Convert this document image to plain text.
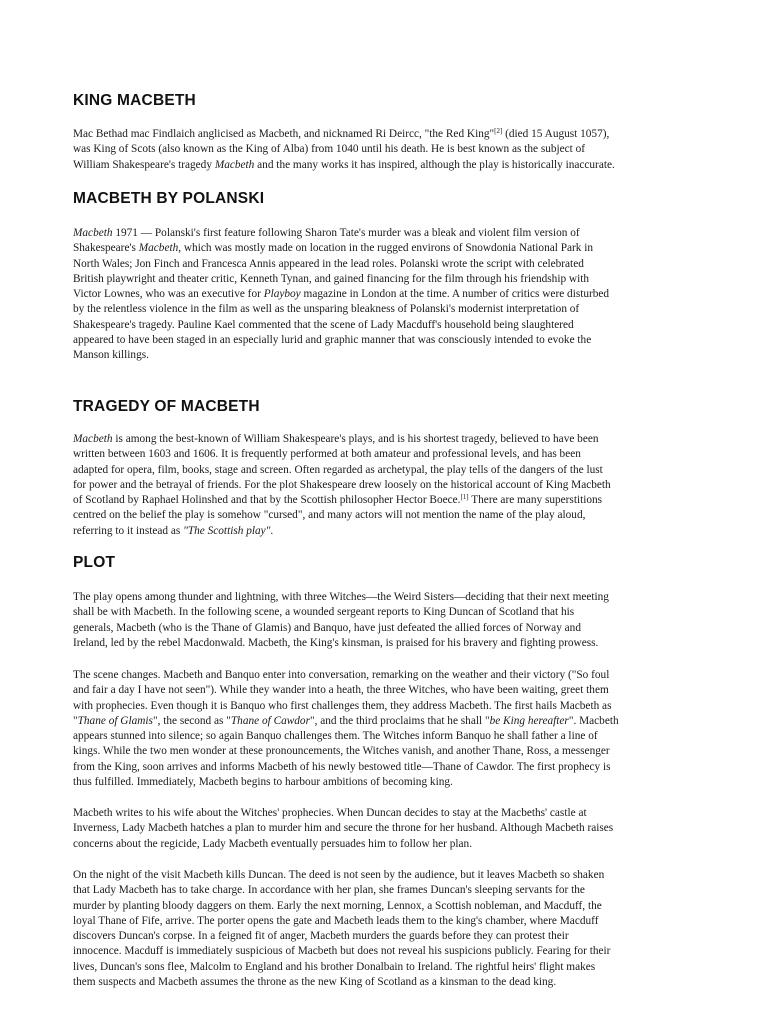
KING MACBETH

Mac Bethad mac Findlaich anglicised as Macbeth, and nicknamed Ri Deircc, "the Red King"[2] (died 15 August 1057),
was King of Scots (also known as the King of Alba) from 1040 until his death. He is best known as the subject of
William Shakespeare's tragedy Macbeth and the many works it has inspired, although the play is historically inaccurate.

MACBETH BY POLANSKI

Macbeth 1971 — Polanski's first feature following Sharon Tate's murder was a bleak and violent film version of
Shakespeare's Macbeth, which was mostly made on location in the rugged environs of Snowdonia National Park in
North Wales; Jon Finch and Francesca Annis appeared in the lead roles. Polanski wrote the script with celebrated
British playwright and theater critic, Kenneth Tynan, and gained financing for the film through his friendship with
Victor Lownes, who was an executive for Playboy magazine in London at the time. A number of critics were disturbed
by the relentless violence in the film as well as the unsparing bleakness of Polanski's modernist interpretation of
Shakespeare's tragedy. Pauline Kael commented that the scene of Lady Macduff's household being slaughtered
appeared to have been staged in an especially lurid and graphic manner that was consciously intended to evoke the
Manson killings.

TRAGEDY OF MACBETH

Macbeth is among the best-known of William Shakespeare's plays, and is his shortest tragedy, believed to have been
written between 1603 and 1606. It is frequently performed at both amateur and professional levels, and has been
adapted for opera, film, books, stage and screen. Often regarded as archetypal, the play tells of the dangers of the lust
for power and the betrayal of friends. For the plot Shakespeare drew loosely on the historical account of King Macbeth
of Scotland by Raphael Holinshed and that by the Scottish philosopher Hector Boece.[1] There are many superstitions
centred on the belief the play is somehow "cursed", and many actors will not mention the name of the play aloud,
referring to it instead as "The Scottish play".

PLOT

The play opens among thunder and lightning, with three Witches—the Weird Sisters—deciding that their next meeting
shall be with Macbeth. In the following scene, a wounded sergeant reports to King Duncan of Scotland that his
generals, Macbeth (who is the Thane of Glamis) and Banquo, have just defeated the allied forces of Norway and
Ireland, led by the rebel Macdonwald. Macbeth, the King's kinsman, is praised for his bravery and fighting prowess.

The scene changes. Macbeth and Banquo enter into conversation, remarking on the weather and their victory ("So foul
and fair a day I have not seen"). While they wander into a heath, the three Witches, who have been waiting, greet them
with prophecies. Even though it is Banquo who first challenges them, they address Macbeth. The first hails Macbeth as
"Thane of Glamis", the second as "Thane of Cawdor", and the third proclaims that he shall "be King hereafter". Macbeth
appears stunned into silence; so again Banquo challenges them. The Witches inform Banquo he shall father a line of
kings. While the two men wonder at these pronouncements, the Witches vanish, and another Thane, Ross, a messenger
from the King, soon arrives and informs Macbeth of his newly bestowed title—Thane of Cawdor. The first prophecy is
thus fulfilled. Immediately, Macbeth begins to harbour ambitions of becoming king.

Macbeth writes to his wife about the Witches' prophecies. When Duncan decides to stay at the Macbeths' castle at
Inverness, Lady Macbeth hatches a plan to murder him and secure the throne for her husband. Although Macbeth raises
concerns about the regicide, Lady Macbeth eventually persuades him to follow her plan.

On the night of the visit Macbeth kills Duncan. The deed is not seen by the audience, but it leaves Macbeth so shaken
that Lady Macbeth has to take charge. In accordance with her plan, she frames Duncan's sleeping servants for the
murder by planting bloody daggers on them. Early the next morning, Lennox, a Scottish nobleman, and Macduff, the
loyal Thane of Fife, arrive. The porter opens the gate and Macbeth leads them to the king's chamber, where Macduff
discovers Duncan's corpse. In a feigned fit of anger, Macbeth murders the guards before they can protest their
innocence. Macduff is immediately suspicious of Macbeth but does not reveal his suspicions publicly. Fearing for their
lives, Duncan's sons flee, Malcolm to England and his brother Donalbain to Ireland. The rightful heirs' flight makes
them suspects and Macbeth assumes the throne as the new King of Scotland as a kinsman to the dead king.
